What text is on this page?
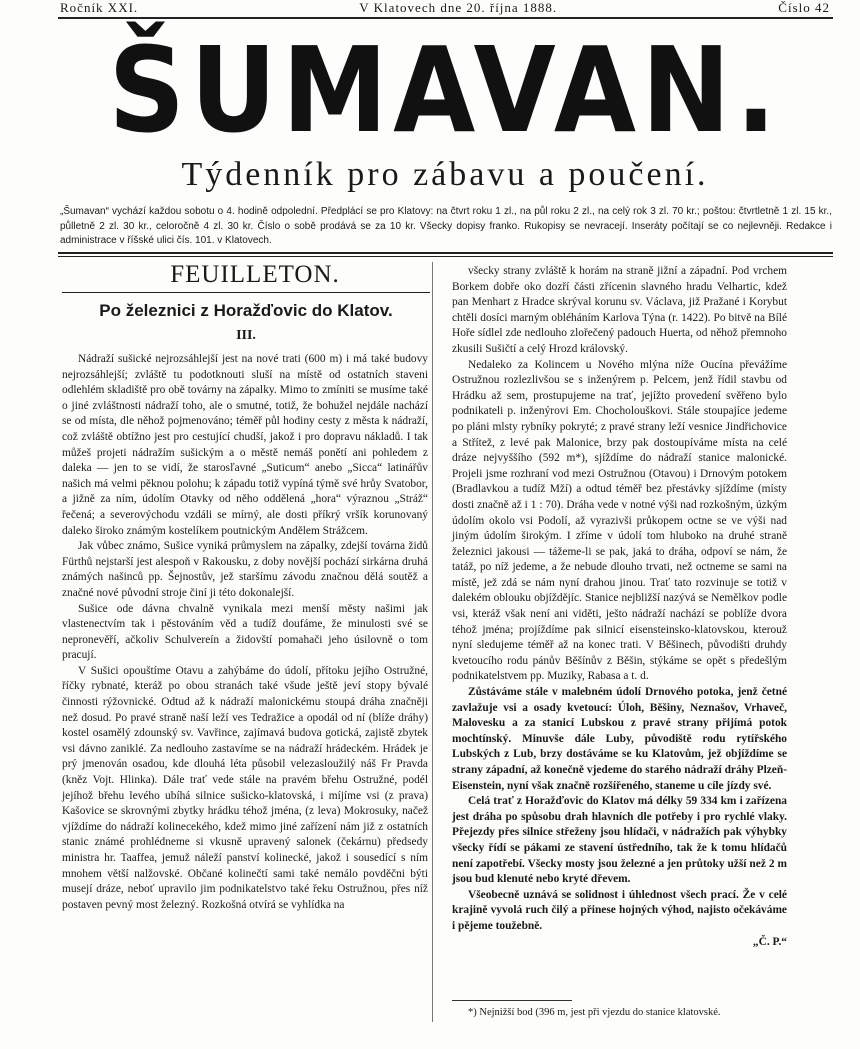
Ročník XXI.	V Klatovech dne 20. října 1888.	Číslo 42
ŠUMAVAN.
Týdenník pro zábavu a poučení.
„Šumavan“ vychází každou sobotu o 4. hodině odpolední. Předplácí se pro Klatovy: na čtvrt roku 1 zl., na půl roku 2 zl., na celý rok 3 zl. 70 kr.; poštou: čtvrtletně 1 zl. 15 kr., půlletně 2 zl. 30 kr., celoročně 4 zl. 30 kr. Číslo o sobě prodává se za 10 kr. Všecky dopisy franko. Rukopisy se nevracejí. Inseráty počítají se co nejlevněji. Redakce i administrace v říšské ulici čís. 101. v Klatovech.
FEUILLETON.
Po železnici z Horažďovic do Klatov.
III.

Nádraží sušické nejrozsáhlejší jest na nové trati (600 m) i má také budovy nejrozsáhlejší; zvláště tu podotknouti sluší na místě od ostatních staveni odlehlém skladiště pro obě továrny na zápalky. Mimo to zmíniti se musíme také o jiné zvláštnosti nádraží toho, ale o smutné, totiž, že bohužel nejdále nachází se od místa, dle něhož pojmenováno; téměř půl hodiny cesty z města k nádraží, což zvláště obtížno jest pro cestující chudší, jakož i pro dopravu nákladů. I tak můžeš projeti nádražím sušickým a o městě nemáš ponětí ani pohledem z daleka — jen to se vidí, že starosľavné „Suticum“ anebo „Sicca“ latinářův našich má velmi pěknou polohu; k západu totiž vypíná týmě své hrůy Svatobor, a jižně za ním, údolím Otavky od něho oddělená „hora“ výraznou „Stráž“ řečená; a severovýchodu vzdáli se mírný, ale dosti příkrý vršík korunovaný daleko široko známým kostelíkem poutnickým Andělem Strážcem.

Jak vůbec známo, Sušice vyniká průmyslem na zápalky, zdejší továrna židů Fürthů nejstarší jest alespoň v Rakousku, z doby novější pochází sirkárna druhá známých našinců pp. Šejnostův, jež staršímu závodu značnou dělá soutěž a značné nové původní stroje činí ji této dokonalejší.

Sušice ode dávna chvalně vynikala mezi menší městy našimi jak vlastenectvím tak i pěstováním věd a tudíž doufáme, že minulosti své se nepronevěří, ačkoliv Schulvereín a židovští pomahači jeho úsilovně o tom pracují.

V Sušici opouštíme Otavu a zahýbáme do údolí, přítoku jejího Ostružné, říčky rybnaté, kteráž po obou stranách také všude ještě jeví stopy bývalé činnosti rýžovnické. Odtud až k nádraží malonickému stoupá dráha značněji než dosud. Po pravé straně naší leží ves Tedražice a opodál od ní (blíže dráhy) kostel osamělý zdounský sv. Vavřince, zajímavá budova gotická, zajistě zbytek vsi dávno zaniklé. Za nedlouho zastavíme se na nádraží hrádeckém. Hrádek je prý jmenován osadou, kde dlouhá léta působil velezasloužilý náš Fr Pravda (kněz Vojt. Hlinka). Dále trať vede stále na pravém břehu Ostružné, podél jejíhož břehu levého ubíhá silnice sušicko-klatovská, i míjíme vsi (z prava) Kašovice se skrovnými zbytky hrádku téhož jména, (z leva) Mokrosuky, načež vjíždíme do nádraží kolinecekého, kdež mimo jiné zařízení nám již z ostatních stanic známé prohlédneme si vkusně upravený salonek (čekárnu) předsedy ministra hr. Taaffea, jemuž náleží panství kolinecké, jakož i sousedící s ním mnohem větší nalžovské. Občané kolinečtí sami také nemálo povděčni býti musejí dráze, neboť upravilo jim podnikatelstvo také řeku Ostružnou, přes níž postaven pevný most železný. Rozkošná otvírá se vyhlídka na

všecky strany zvláště k horám na straně jižní a západní. Pod vrchem Borkem dobře oko dozří části zřícenin slavného hradu Velhartic, kdež pan Menhart z Hradce skrýval korunu sv. Václava, již Pražané i Korybut chtěli dosíci marným obléháním Karlova Týna (r. 1422). Po bitvě na Bílé Hoře sídlel zde nedlouho zlořečený padouch Huerta, od něhož přemnoho zkusili Sušičtí a celý Hrozd královský.

Nedaleko za Kolincem u Nového mlýna níže Oucína převážíme Ostružnou rozlezlivšou se s inženýrem p. Pelcem, jenž řídil stavbu od Hrádku až sem, prostupujeme na trať, jejížto provedení svěřeno bylo podnikateli p. inženýrovi Em. Chocholouškovi. Stále stoupajíce jedeme po pláni mlsty rybníky pokryté; z pravé strany leží vesnice Jindřichovice a Střítež, z levé pak Malonice, brzy pak dostoupíváme místa na celé dráze nejvyššího (592 m*), sjíždíme do nádraží stanice malonické. Projeli jsme rozhraní vod mezi Ostružnou (Otavou) i Drnovým potokem (Bradlavkou a tudíž Mží) a odtud téměř bez přestávky sjíždíme (místy dosti značně až i 1 : 70). Dráha vede v notné výši nad rozkošným, úzkým údolím okolo vsi Podolí, až vyrazivši průkopem octne se ve výši nad jiným údolím širokým. I zříme v údolí tom hluboko na druhé straně železnici jakousi — tážeme-li se pak, jaká to dráha, odpoví se nám, že tatáž, po níž jedeme, a že nebude dlouho trvati, než octneme se sami na místě, jež zdá se nám nyní drahou jinou. Trať tato rozvinuje se totiž v dalekém oblouku objíždějíc. Stanice nejbližší nazývá se Nemělkov podle vsi, kteráž však není ani viděti, ješto nádraží nachází se poblíže dvora téhož jména; projíždíme pak silnicí eisensteinsko-klatovskou, kterouž nyní sledujeme téměř až na konec trati. V Běšinech, původišti druhdy kvetoucího rodu pánův Běšínův z Běšin, stýkáme se opět s předešlým podnikatelstvem pp. Muziky, Rabasa a t. d.

Zůstáváme stále v malebném údolí Drnového potoka, jenž četné zavlažuje vsi a osady kvetoucí: Úloh, Běšiny, Neznašov, Vrhaveč, Malovesku a za stanicí Lubskou z pravé strany přijímá potok mochtínský. Minuvše dále Luby, původiště rodu rytířského Lubských z Lub, brzy dostáváme se ku Klatovům, jež objíždíme se strany západní, až konečně vjedeme do starého nádraží dráhy Plzeň-Eisenstein, nyní však značně rozšířeného, staneme u cíle jízdy své.

Celá trať z Horažďovic do Klatov má délky 59 334 km i zařízena jest dráha po spůsobu drah hlavních dle potřeby i pro rychlé vlaky. Přejezdy přes silnice střeženy jsou hlídači, v nádražích pak výhybky všecky řídí se pákami ze stavení ústředního, tak že k tomu hlídačů není zapotřebí. Všecky mosty jsou železné a jen průtoky užší než 2 m jsou bud klenuté nebo kryté dřevem.

Všeobecně uznává se solidnost i úhlednost všech prací. Že v celé krajině vyvolá ruch čilý a přinese hojných výhod, najisto očekáváme i pějeme toužebně.

„Č. P.“

*) Nejnižší bod (396 m, jest při vjezdu do stanice klatovské.
